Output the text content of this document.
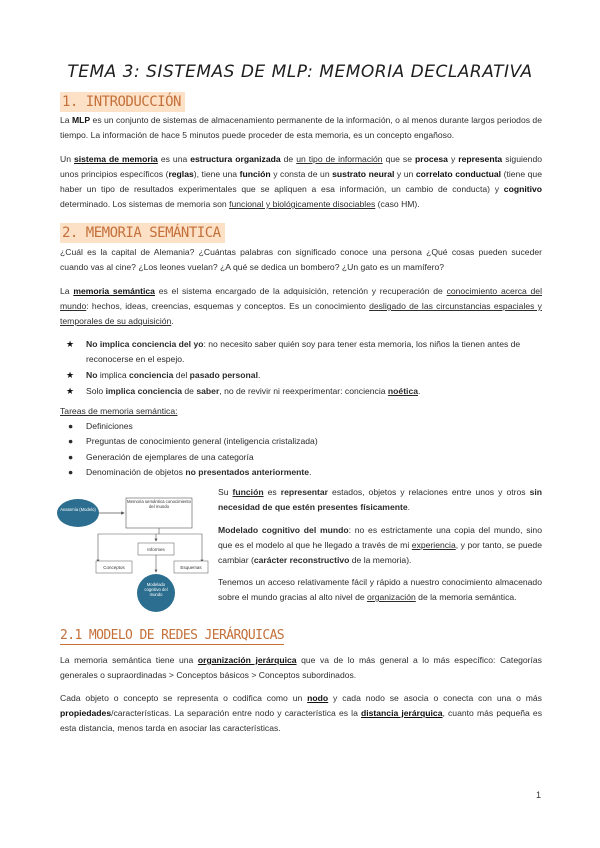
TEMA 3: SISTEMAS DE MLP: MEMORIA DECLARATIVA
1. INTRODUCCIÓN
La MLP es un conjunto de sistemas de almacenamiento permanente de la información, o al menos durante largos periodos de tiempo. La información de hace 5 minutos puede proceder de esta memoria, es un concepto engañoso.
Un sistema de memoria es una estructura organizada de un tipo de información que se procesa y representa siguiendo unos principios específicos (reglas), tiene una función y consta de un sustrato neural y un correlato conductual (tiene que haber un tipo de resultados experimentales que se apliquen a esa información, un cambio de conducta) y cognitivo determinado. Los sistemas de memoria son funcional y biológicamente disociables (caso HM).
2. MEMORIA SEMÁNTICA
¿Cuál es la capital de Alemania? ¿Cuántas palabras con significado conoce una persona ¿Qué cosas pueden suceder cuando vas al cine? ¿Los leones vuelan? ¿A qué se dedica un bombero? ¿Un gato es un mamífero?
La memoria semántica es el sistema encargado de la adquisición, retención y recuperación de conocimiento acerca del mundo: hechos, ideas, creencias, esquemas y conceptos. Es un conocimiento desligado de las circunstancias espaciales y temporales de su adquisición.
★ No implica conciencia del yo: no necesito saber quién soy para tener esta memoria, los niños la tienen antes de reconocerse en el espejo.
★ No implica conciencia del pasado personal.
★ Solo implica conciencia de saber, no de revivir ni reexperimentar: conciencia noética.
Tareas de memoria semántica:
● Definiciones
● Preguntas de conocimiento general (inteligencia cristalizada)
● Generación de ejemplares de una categoría
● Denominación de objetos no presentados anteriormente.
Anatomía (Modelo)
Memoria semántica conocimiento del mundo
Informes
Conceptos	Esquemas
Modelado cognitivo del mundo
Su función es representar estados, objetos y relaciones entre unos y otros sin necesidad de que estén presentes físicamente.
Modelado cognitivo del mundo: no es estrictamente una copia del mundo, sino que es el modelo al que he llegado a través de mi experiencia, y por tanto, se puede cambiar (carácter reconstructivo de la memoria).
Tenemos un acceso relativamente fácil y rápido a nuestro conocimiento almacenado sobre el mundo gracias al alto nivel de organización de la memoria semántica.
2.1 MODELO DE REDES JERÁRQUICAS
La memoria semántica tiene una organización jerárquica que va de lo más general a lo más específico: Categorías generales o supraordinadas > Conceptos básicos > Conceptos subordinados.
Cada objeto o concepto se representa o codifica como un nodo y cada nodo se asocia o conecta con una o más propiedades/características. La separación entre nodo y característica es la distancia jerárquica, cuanto más pequeña es esta distancia, menos tarda en asociar las características.
1
